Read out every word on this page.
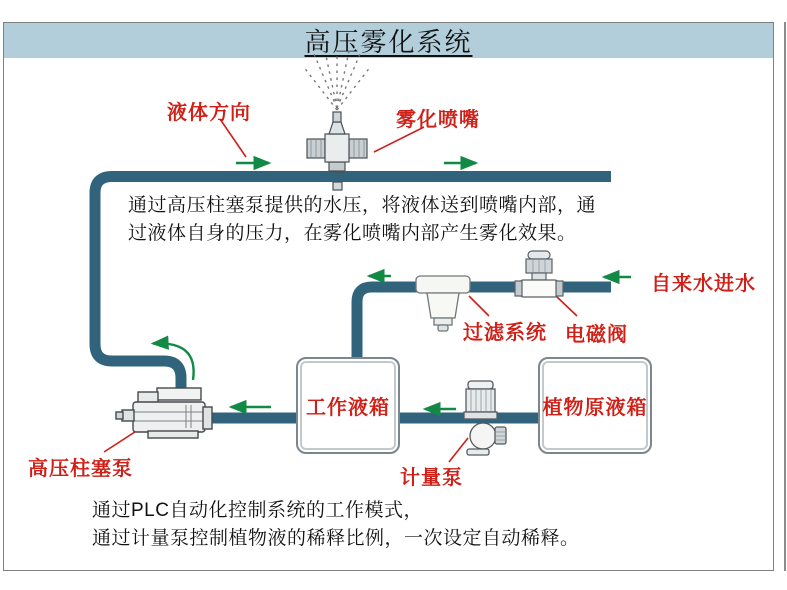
高压雾化系统
工作液箱	植物原液箱
液体方向	雾化喷嘴
自来水进水
过滤系统 电磁阀
计量泵
高压柱塞泵
通过高压柱塞泵提供的水压，将液体送到喷嘴内部，通
过液体自身的压力，在雾化喷嘴内部产生雾化效果。
通过PLC自动化控制系统的工作模式，
通过计量泵控制植物液的稀释比例，一次设定自动稀释。
